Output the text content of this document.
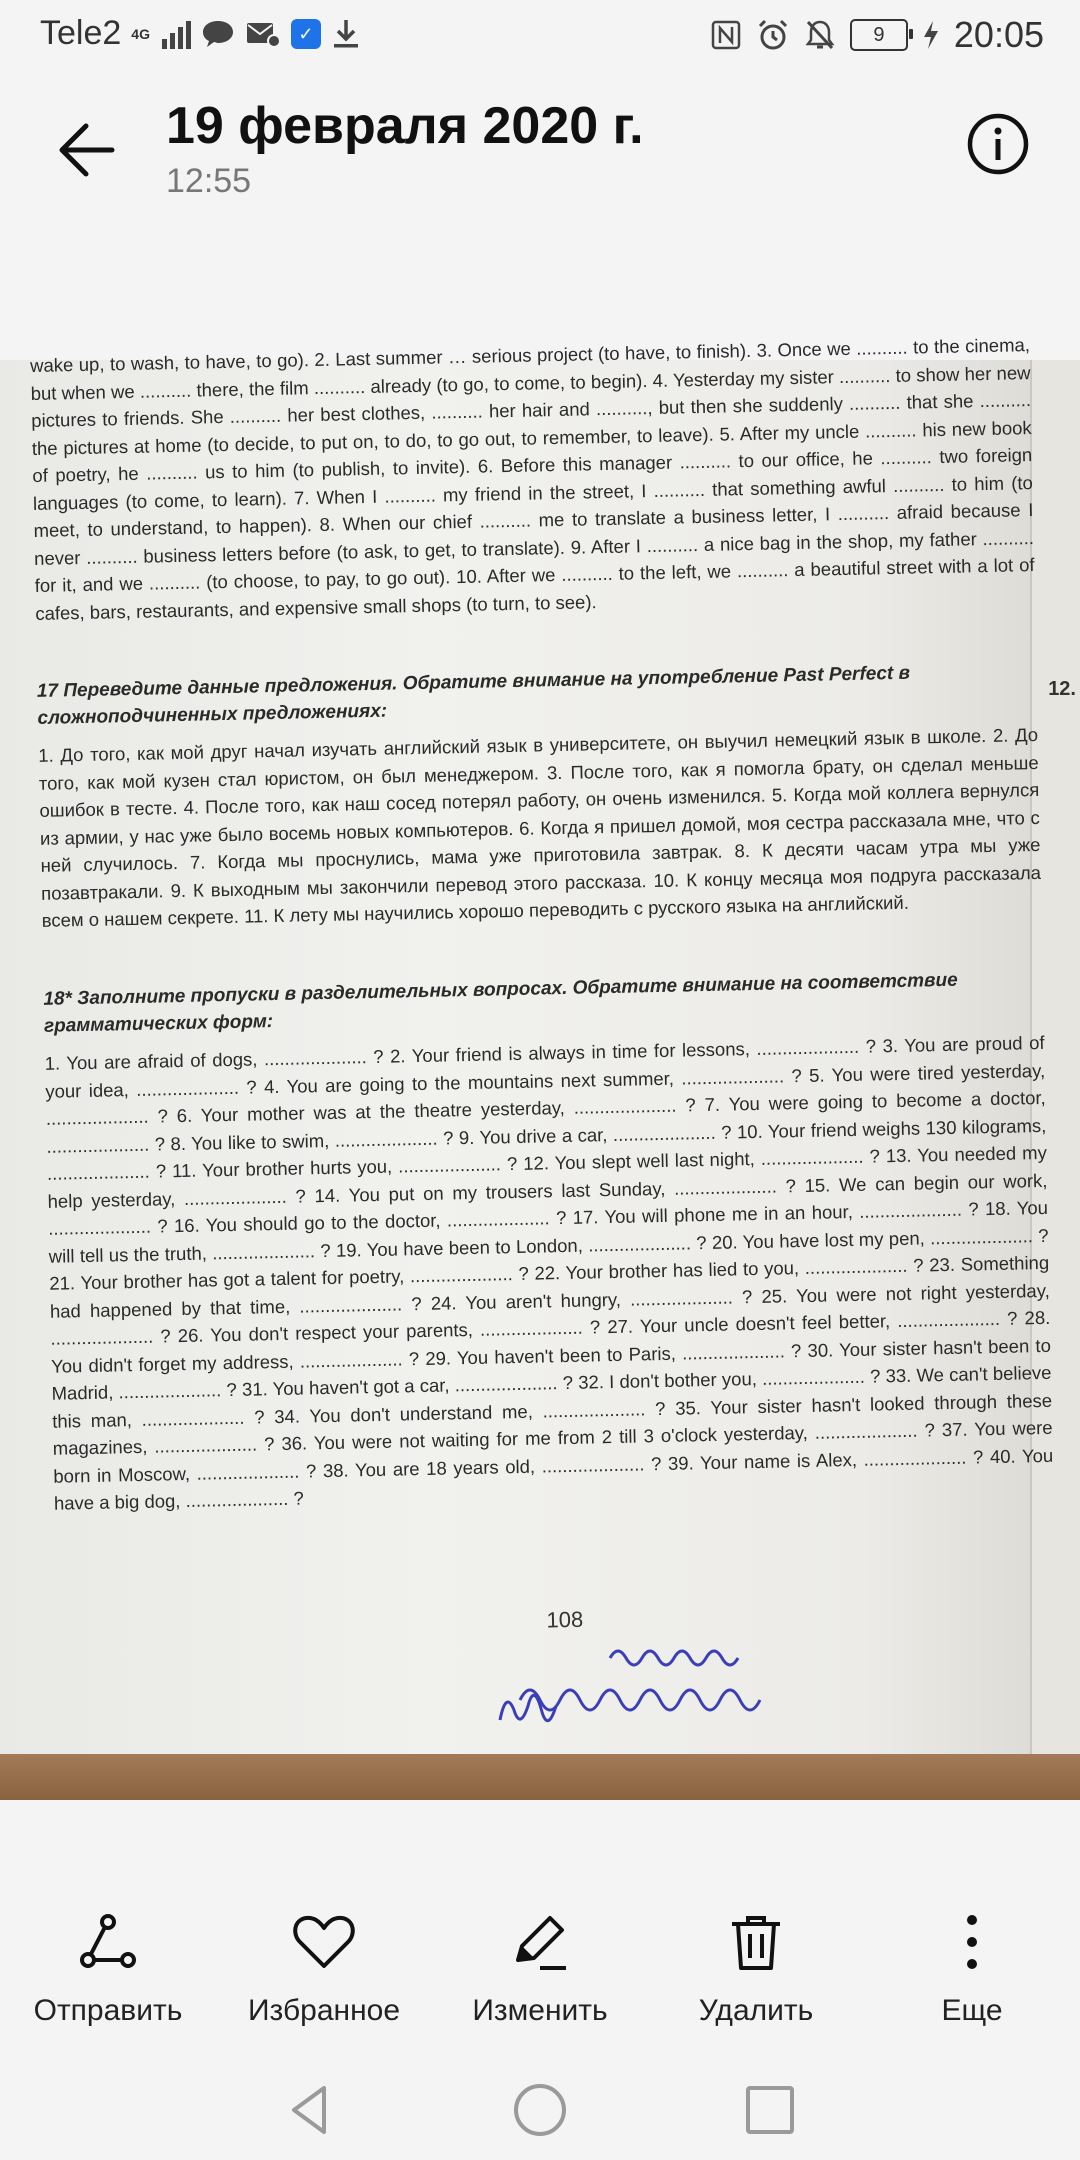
Tele2 4G	✓	9 20:05
19 февраля 2020 г.
12:55
12.
wake up, to wash, to have, to go). 2. Last summer … serious project (to have, to finish). 3. Once we .......... to the cinema, but when we .......... there, the film .......... already (to go, to come, to begin). 4. Yesterday my sister .......... to show her new pictures to friends. She .......... her best clothes, .......... her hair and .........., but then she suddenly .......... that she .......... the pictures at home (to decide, to put on, to do, to go out, to remember, to leave). 5. After my uncle .......... his new book of poetry, he .......... us to him (to publish, to invite). 6. Before this manager .......... to our office, he .......... two foreign languages (to come, to learn). 7. When I .......... my friend in the street, I .......... that something awful .......... to him (to meet, to understand, to happen). 8. When our chief .......... me to translate a business letter, I .......... afraid because I never .......... business letters before (to ask, to get, to translate). 9. After I .......... a nice bag in the shop, my father .......... for it, and we .......... (to choose, to pay, to go out). 10. After we .......... to the left, we .......... a beautiful street with a lot of cafes, bars, restaurants, and expensive small shops (to turn, to see).
17 Переведите данные предложения. Обратите внимание на употребление Past Perfect в сложноподчиненных предложениях:
1. До того, как мой друг начал изучать английский язык в университете, он выучил немецкий язык в школе. 2. До того, как мой кузен стал юристом, он был менеджером. 3. После того, как я помогла брату, он сделал меньше ошибок в тесте. 4. После того, как наш сосед потерял работу, он очень изменился. 5. Когда мой коллега вернулся из армии, у нас уже было восемь новых компьютеров. 6. Когда я пришел домой, моя сестра рассказала мне, что с ней случилось. 7. Когда мы проснулись, мама уже приготовила завтрак. 8. К десяти часам утра мы уже позавтракали. 9. К выходным мы закончили перевод этого рассказа. 10. К концу месяца моя подруга рассказала всем о нашем секрете. 11. К лету мы научились хорошо переводить с русского языка на английский.
18* Заполните пропуски в разделительных вопросах. Обратите внимание на соответствие грамматических форм:
1. You are afraid of dogs, .................... ? 2. Your friend is always in time for lessons, .................... ? 3. You are proud of your idea, .................... ? 4. You are going to the mountains next summer, .................... ? 5. You were tired yesterday, .................... ? 6. Your mother was at the theatre yesterday, .................... ? 7. You were going to become a doctor, .................... ? 8. You like to swim, .................... ? 9. You drive a car, .................... ? 10. Your friend weighs 130 kilograms, .................... ? 11. Your brother hurts you, .................... ? 12. You slept well last night, .................... ? 13. You needed my help yesterday, .................... ? 14. You put on my trousers last Sunday, .................... ? 15. We can begin our work, .................... ? 16. You should go to the doctor, .................... ? 17. You will phone me in an hour, .................... ? 18. You will tell us the truth, .................... ? 19. You have been to London, .................... ? 20. You have lost my pen, .................... ? 21. Your brother has got a talent for poetry, .................... ? 22. Your brother has lied to you, .................... ? 23. Something had happened by that time, .................... ? 24. You aren't hungry, .................... ? 25. You were not right yesterday, .................... ? 26. You don't respect your parents, .................... ? 27. Your uncle doesn't feel better, .................... ? 28. You didn't forget my address, .................... ? 29. You haven't been to Paris, .................... ? 30. Your sister hasn't been to Madrid, .................... ? 31. You haven't got a car, .................... ? 32. I don't bother you, .................... ? 33. We can't believe this man, .................... ? 34. You don't understand me, .................... ? 35. Your sister hasn't looked through these magazines, .................... ? 36. You were not waiting for me from 2 till 3 o'clock yesterday, .................... ? 37. You were born in Moscow, .................... ? 38. You are 18 years old, .................... ? 39. Your name is Alex, .................... ? 40. You have a big dog, .................... ?
108
Отправить Избранное Изменить	Удалить	Еще
